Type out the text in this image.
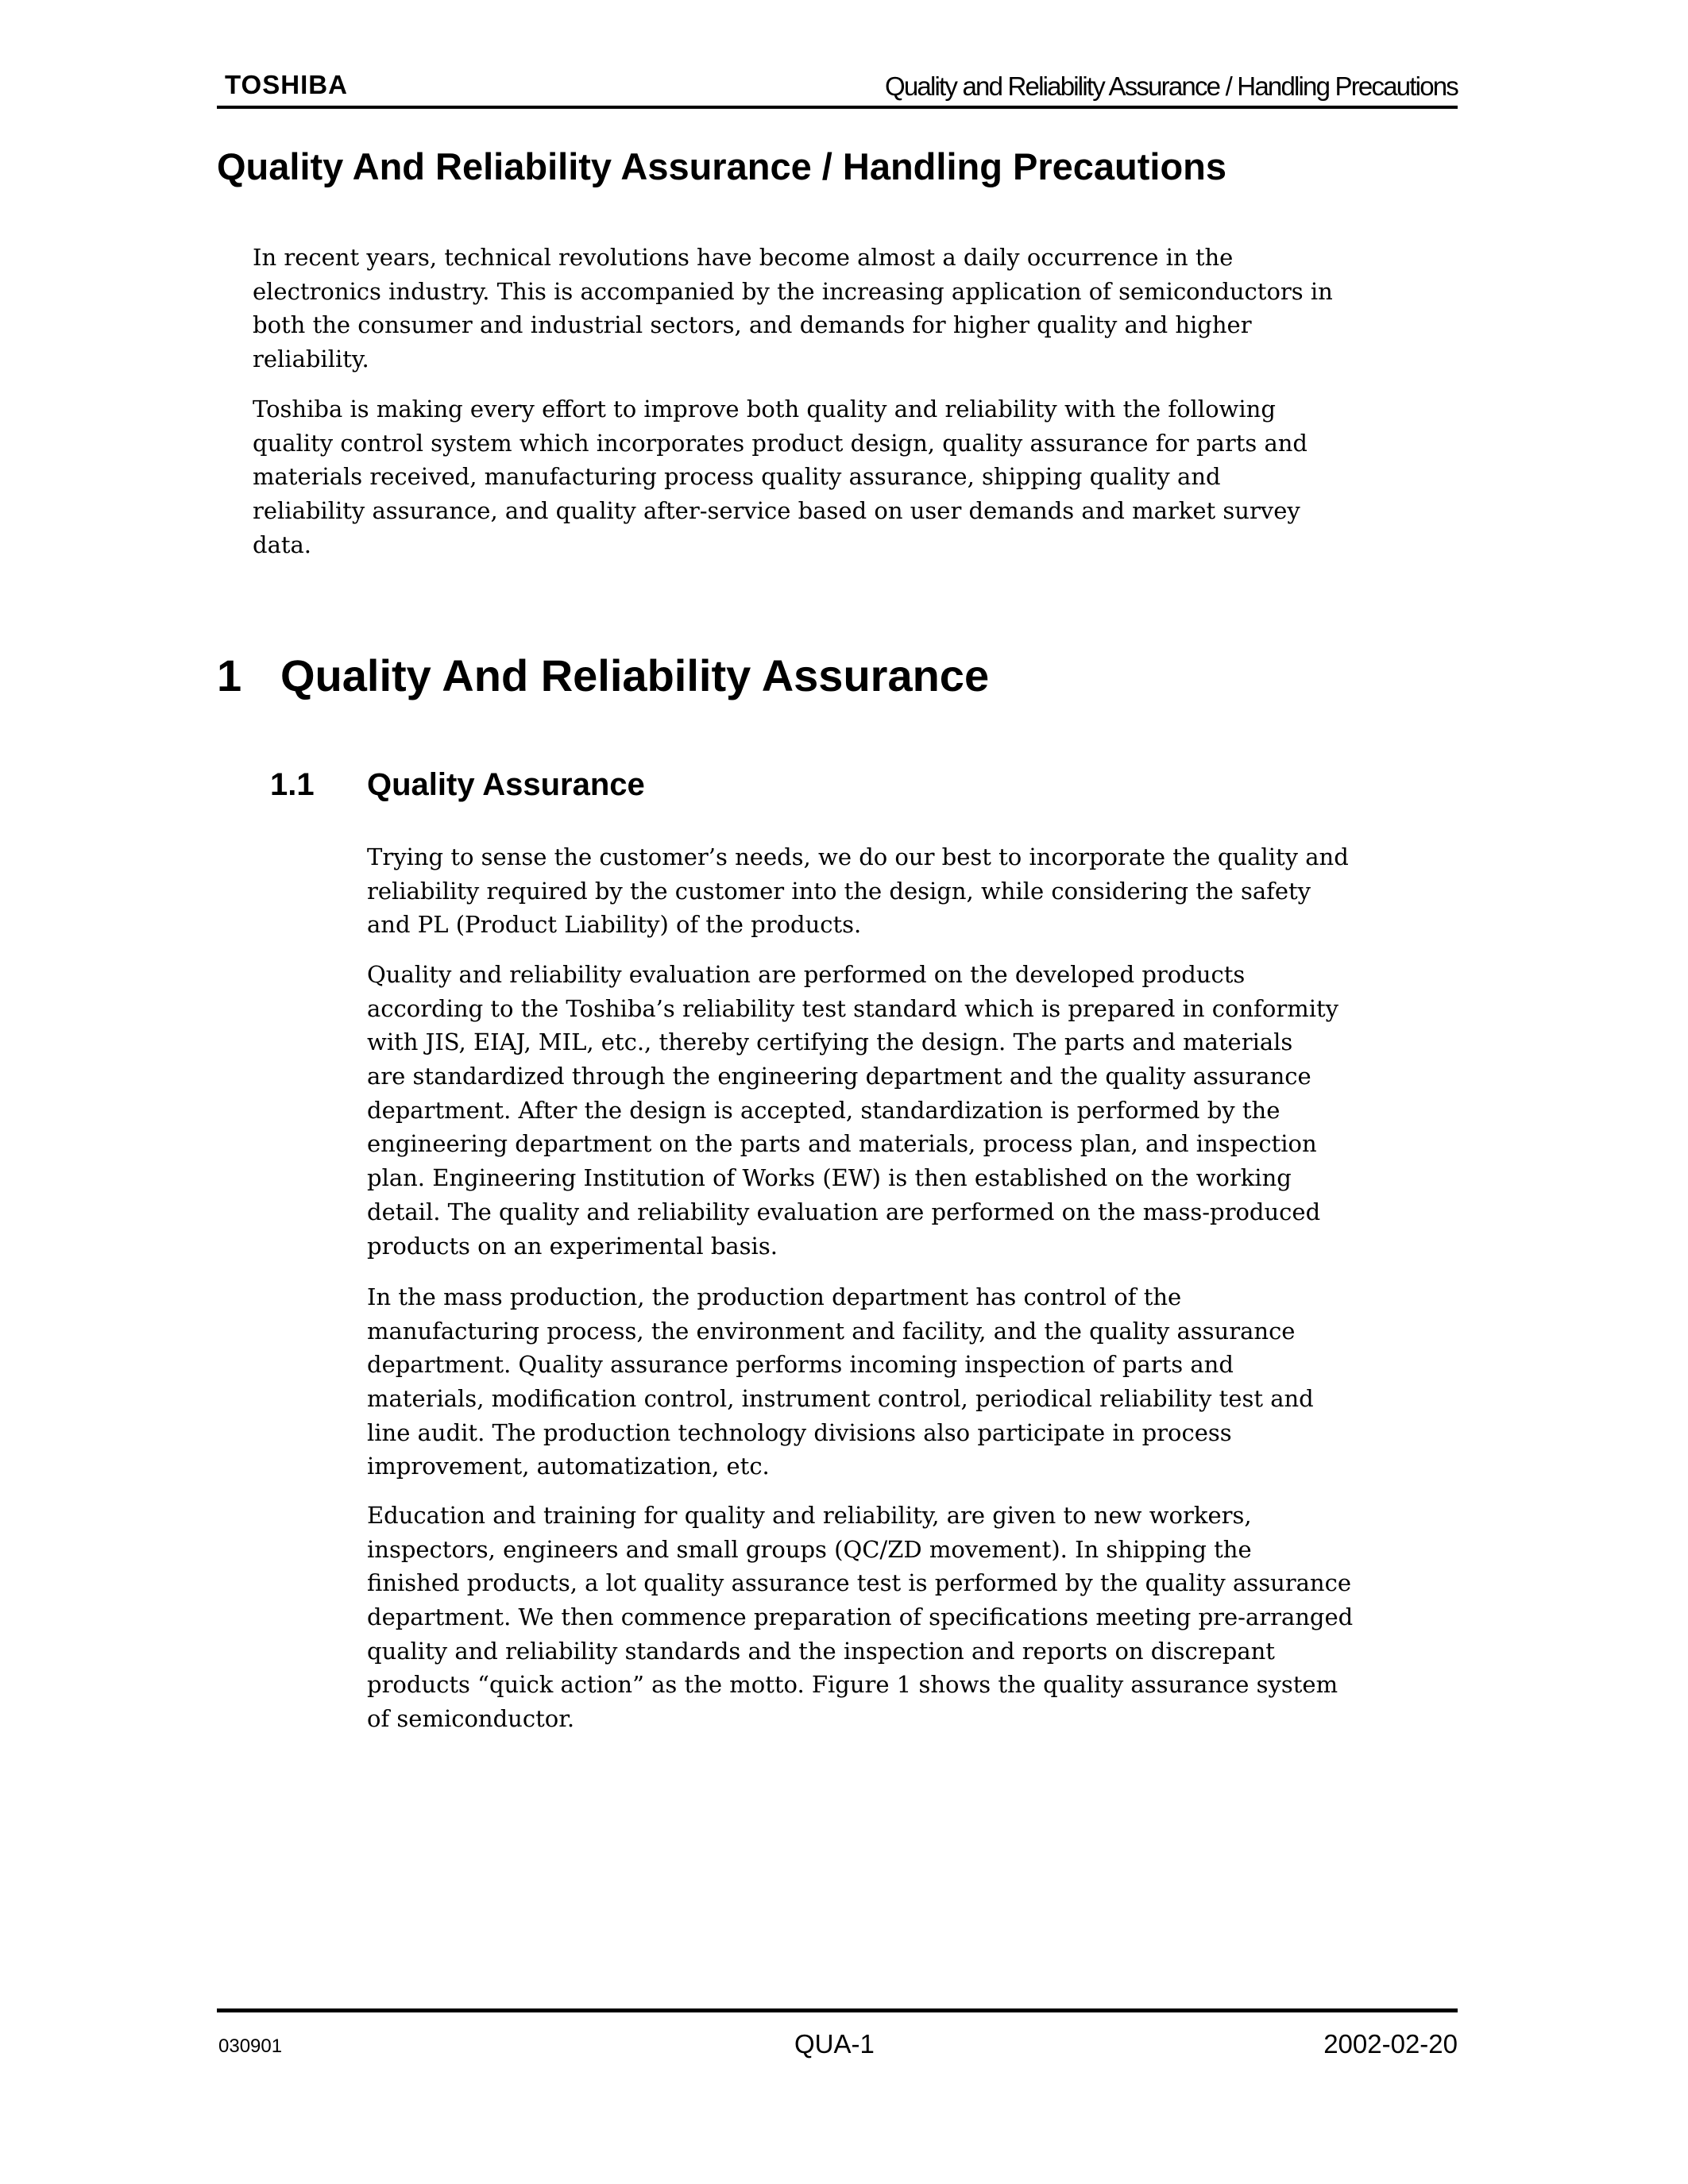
TOSHIBA	Quality and Reliability Assurance / Handling Precautions
Quality And Reliability Assurance / Handling Precautions
In recent years, technical revolutions have become almost a daily occurrence in the
electronics industry. This is accompanied by the increasing application of semiconductors in
both the consumer and industrial sectors, and demands for higher quality and higher
reliability.
Toshiba is making every effort to improve both quality and reliability with the following
quality control system which incorporates product design, quality assurance for parts and
materials received, manufacturing process quality assurance, shipping quality and
reliability assurance, and quality after-service based on user demands and market survey
data.
1 Quality And Reliability Assurance
1.1 Quality Assurance
Trying to sense the customer’s needs, we do our best to incorporate the quality and
reliability required by the customer into the design, while considering the safety
and PL (Product Liability) of the products.
Quality and reliability evaluation are performed on the developed products
according to the Toshiba’s reliability test standard which is prepared in conformity
with JIS, EIAJ, MIL, etc., thereby certifying the design. The parts and materials
are standardized through the engineering department and the quality assurance
department. After the design is accepted, standardization is performed by the
engineering department on the parts and materials, process plan, and inspection
plan. Engineering Institution of Works (EW) is then established on the working
detail. The quality and reliability evaluation are performed on the mass-produced
products on an experimental basis.
In the mass production, the production department has control of the
manufacturing process, the environment and facility, and the quality assurance
department. Quality assurance performs incoming inspection of parts and
materials, modification control, instrument control, periodical reliability test and
line audit. The production technology divisions also participate in process
improvement, automatization, etc.
Education and training for quality and reliability, are given to new workers,
inspectors, engineers and small groups (QC/ZD movement). In shipping the
finished products, a lot quality assurance test is performed by the quality assurance
department. We then commence preparation of specifications meeting pre-arranged
quality and reliability standards and the inspection and reports on discrepant
products “quick action” as the motto. Figure 1 shows the quality assurance system
of semiconductor.
030901	QUA-1	2002-02-20
